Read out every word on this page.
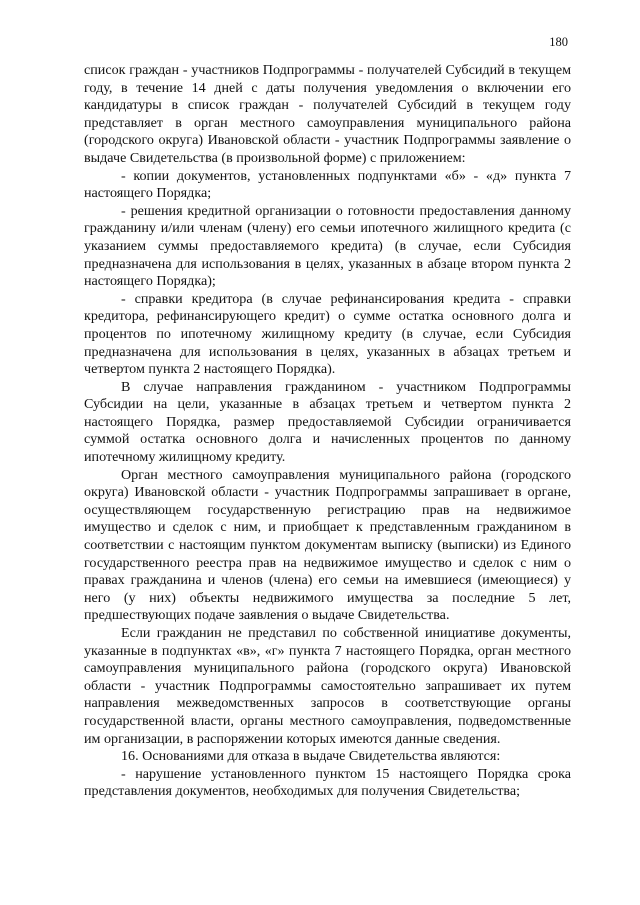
180

список граждан - участников Подпрограммы - получателей Субсидий в текущем году, в течение 14 дней с даты получения уведомления о включении его кандидатуры в список граждан - получателей Субсидий в текущем году представляет в орган местного самоуправления муниципального района (городского округа) Ивановской области - участник Подпрограммы заявление о выдаче Свидетельства (в произвольной форме) с приложением:

- копии документов, установленных подпунктами «б» - «д» пункта 7 настоящего Порядка;

- решения кредитной организации о готовности предоставления данному гражданину и/или членам (члену) его семьи ипотечного жилищного кредита (с указанием суммы предоставляемого кредита) (в случае, если Субсидия предназначена для использования в целях, указанных в абзаце втором пункта 2 настоящего Порядка);

- справки кредитора (в случае рефинансирования кредита - справки кредитора, рефинансирующего кредит) о сумме остатка основного долга и процентов по ипотечному жилищному кредиту (в случае, если Субсидия предназначена для использования в целях, указанных в абзацах третьем и четвертом пункта 2 настоящего Порядка).

В случае направления гражданином - участником Подпрограммы Субсидии на цели, указанные в абзацах третьем и четвертом пункта 2 настоящего Порядка, размер предоставляемой Субсидии ограничивается суммой остатка основного долга и начисленных процентов по данному ипотечному жилищному кредиту.

Орган местного самоуправления муниципального района (городского округа) Ивановской области - участник Подпрограммы запрашивает в органе, осуществляющем государственную регистрацию прав на недвижимое имущество и сделок с ним, и приобщает к представленным гражданином в соответствии с настоящим пунктом документам выписку (выписки) из Единого государственного реестра прав на недвижимое имущество и сделок с ним о правах гражданина и членов (члена) его семьи на имевшиеся (имеющиеся) у него (у них) объекты недвижимого имущества за последние 5 лет, предшествующих подаче заявления о выдаче Свидетельства.

Если гражданин не представил по собственной инициативе документы, указанные в подпунктах «в», «г» пункта 7 настоящего Порядка, орган местного самоуправления муниципального района (городского округа) Ивановской области - участник Подпрограммы самостоятельно запрашивает их путем направления межведомственных запросов в соответствующие органы государственной власти, органы местного самоуправления, подведомственные им организации, в распоряжении которых имеются данные сведения.

16. Основаниями для отказа в выдаче Свидетельства являются:

- нарушение установленного пунктом 15 настоящего Порядка срока представления документов, необходимых для получения Свидетельства;
